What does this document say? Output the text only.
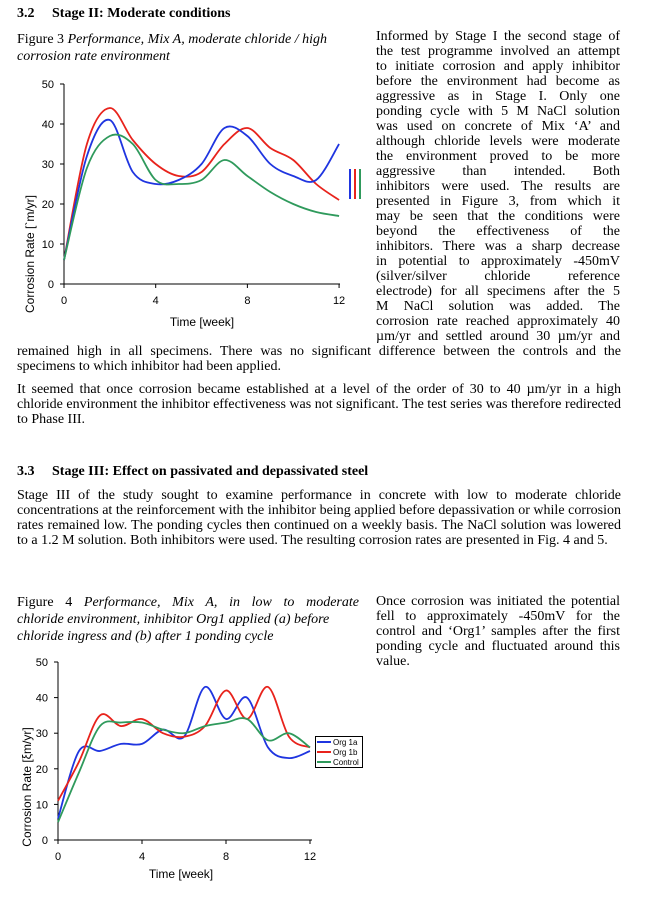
3.2 Stage II: Moderate conditions
Figure 3 Performance, Mix A, moderate chloride / high
corrosion rate environment
0
10
20
30
40
50
0	4	8	12
Time [week]
Corrosion Rate [`m/yr]
Informed by Stage I the second stage of
the test programme involved an attempt
to initiate corrosion and apply inhibitor
before the environment had become as
aggressive as in Stage I. Only one
ponding cycle with 5 M NaCl solution
was used on concrete of Mix ‘A’ and
although chloride levels were moderate
the environment proved to be more
aggressive than intended. Both
inhibitors were used. The results are
presented in Figure 3, from which it
may be seen that the conditions were
beyond the effectiveness of the
inhibitors. There was a sharp decrease
in potential to approximately -450mV
(silver/silver chloride reference
electrode) for all specimens after the 5
M NaCl solution was added. The
corrosion rate reached approximately 40
µm/yr and settled around 30 µm/yr and
remained high in all specimens. There was no significant difference between the controls and the
specimens to which inhibitor had been applied.
It seemed that once corrosion became established at a level of the order of 30 to 40 µm/yr in a high chloride environment the inhibitor effectiveness was not significant. The test series was therefore redirected to Phase III.
3.3 Stage III: Effect on passivated and depassivated steel
Stage III of the study sought to examine performance in concrete with low to moderate chloride concentrations at the reinforcement with the inhibitor being applied before depassivation or while corrosion rates remained low. The ponding cycles then continued on a weekly basis. The NaCl solution was lowered to a 1.2 M solution. Both inhibitors were used. The resulting corrosion rates are presented in Fig. 4 and 5.
Figure 4 Performance, Mix A, in low to moderate
chloride environment, inhibitor Org1 applied (a) before
chloride ingress and (b) after 1 ponding cycle
Once corrosion was initiated the potential fell to approximately -450mV for the control and ‘Org1’ samples after the first ponding cycle and fluctuated around this value.
0
10
20
30
40
50
0	4	8	12
Time [week]
Corrosion Rate [ξm/yr]	Org 1a
Org 1b
Control
